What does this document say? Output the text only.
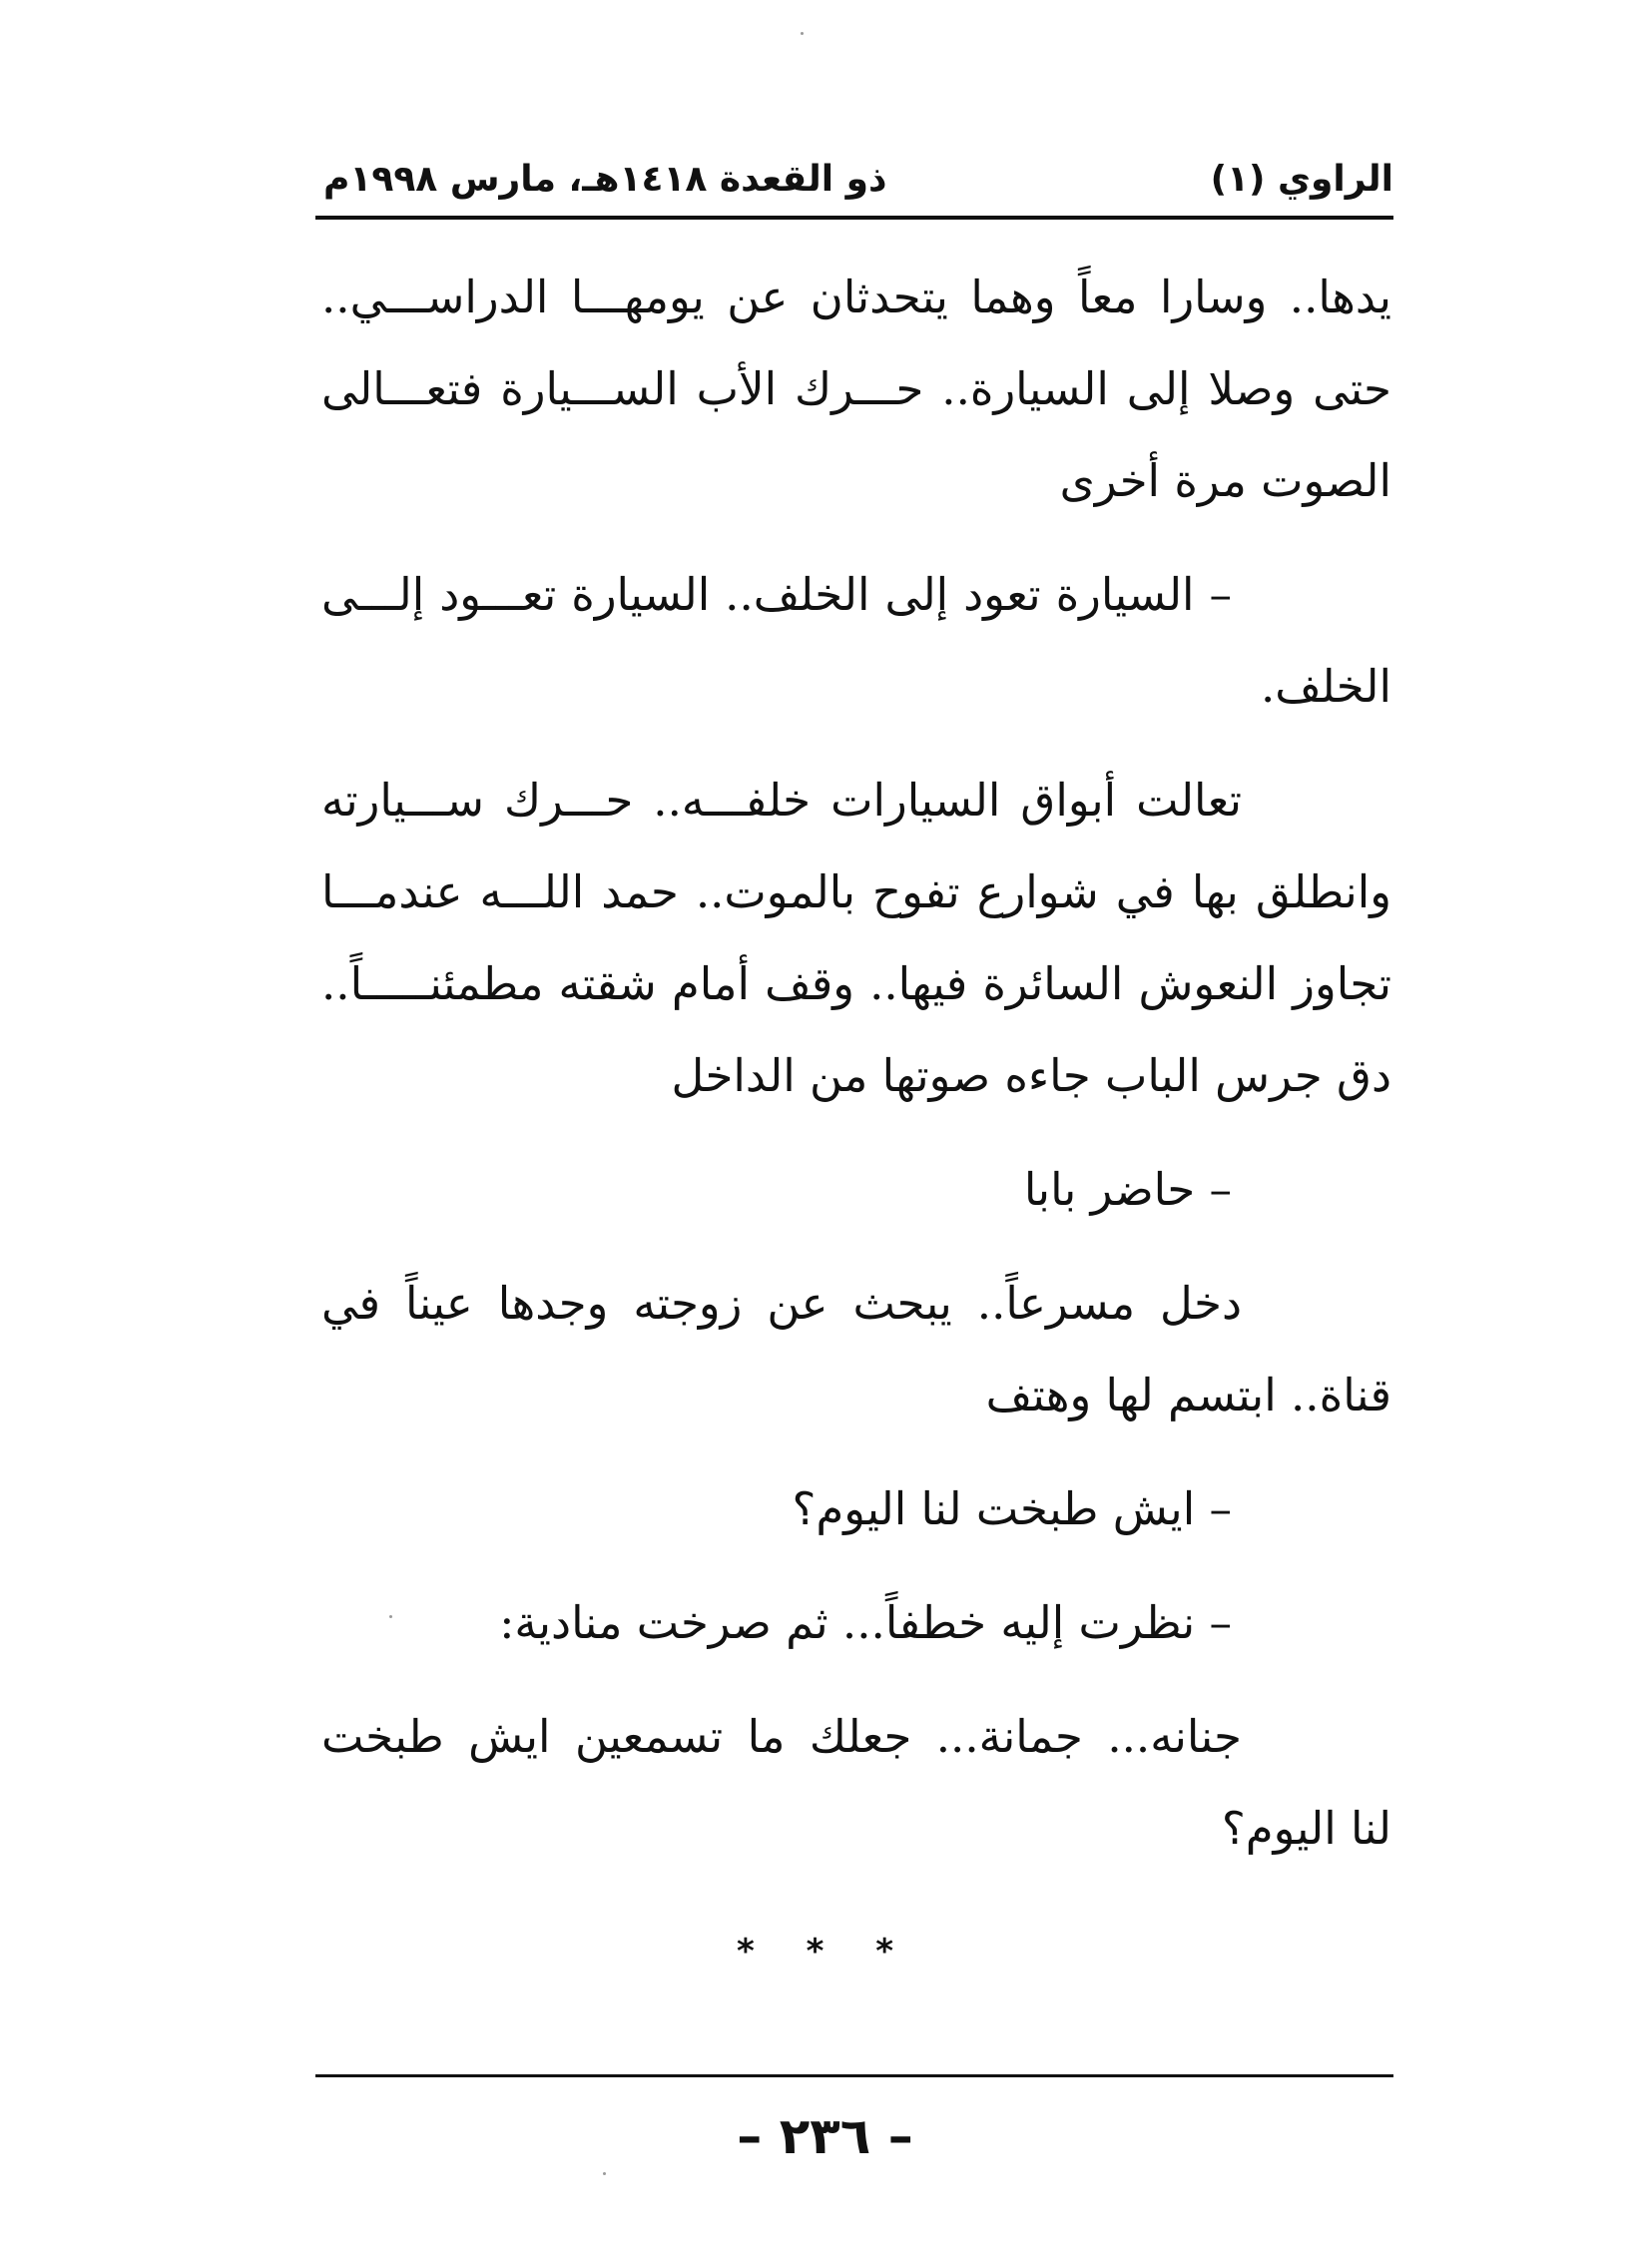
الراوي (١)
ذو القعدة ١٤١٨هـ، مارس ١٩٩٨م
يدها.. وسارا معاً وهما يتحدثان عن يومهـــا الدراســـي..
حتى وصلا إلى السيارة.. حـــرك الأب الســـيارة فتعـــالى
الصوت مرة أخرى
– السيارة تعود إلى الخلف.. السيارة تعـــود إلـــى
الخلف.
تعالت أبواق السيارات خلفـــه.. حـــرك ســـيارته
وانطلق بها في شوارع تفوح بالموت.. حمد اللـــه عندمـــا
تجاوز النعوش السائرة فيها.. وقف أمام شقته مطمئنـــــاً..
دق جرس الباب جاءه صوتها من الداخل
– حاضر بابا
دخل مسرعاً.. يبحث عن زوجته وجدها عيناً في
قناة.. ابتسم لها وهتف
– ايش طبخت لنا اليوم؟
– نظرت إليه خطفاً... ثم صرخت منادية:
جنانه... جمانة... جعلك ما تسمعين ايش طبخت
لنا اليوم؟
* * *
– ٢٣٦ –
